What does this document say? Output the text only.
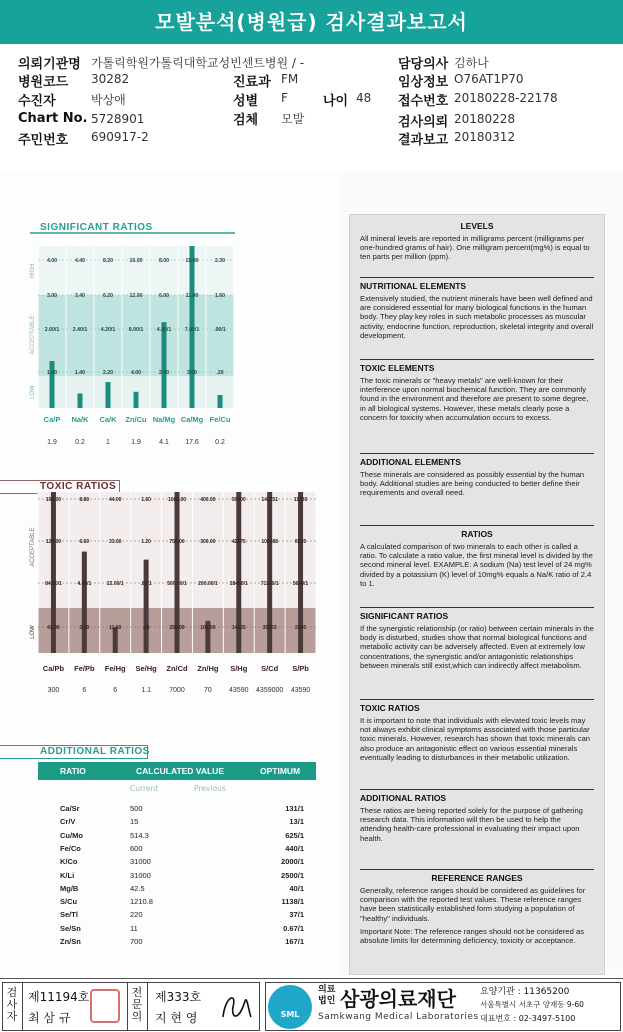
모발분석(병원급) 검사결과보고서
의뢰기관명 가톨릭학원가톨릭대학교성빈센트병원 / -
병원코드 30282
수진자	박상애
Chart No. 5728901
주민번호 690917-2
진료과 FM
성별 F
검체 모발
나이 48
담당의사 김하나
임상정보 O76AT1P70
접수번호 20180228-22178
검사의뢰 20180228
결과보고 20180312
SIGNIFICANT RATIOS
HIGH
ACCEPTABLE
LOW
4.00
3.00
2.60/1
1.60
4.40
3.40
2.40/1
1.40
8.20
6.20
4.20/1
2.20
16.00
12.00
8.00/1
4.00
8.00
6.00
4.00/1
2.00
15.00
11.00
7.00/1
3.00
2.30
1.60
.90/1
.20
Ca/P Na/K Ca/K Zn/Cu Na/Mg Ca/Mg Fe/Cu
1.9	0.2	1	1.9	4.1 17.6 0.2
TOXIC RATIOS
ACCEPTABLE
LOW
168.00
126.00
84.00/1
42.00
8.80
6.60
4.40/1
2.20
44.00
33.00
22.00/1
11.00
1.60
1.20
.80/1
.40
1000.00
750.00
500.00/1
250.00
400.00
300.00
200.00/1
100.00
56900
42675
28450/1
14225
142251
106688
71126/1
35563
11380
8535
5690/1
2845
Ca/Pb Fe/Pb Fe/Hg Se/Hg Zn/Cd Zn/Hg S/Hg S/Cd S/Pb
300	6	6	1.1	7000	70 43590 4359000 43590
ADDITIONAL RATIOS
RATIO	CALCULATED VALUE	OPTIMUM
Current	Previous
Ca/Sr	500	131/1
Cr/V	15	13/1
Cu/Mo	514.3	625/1
Fe/Co	600	440/1
K/Co	31000	2000/1
K/Li	31000	2500/1
Mg/B	42.5	40/1
S/Cu	1210.8	1138/1
Se/Tl	220	37/1
Se/Sn	11	0.67/1
Zn/Sn	700	167/1
LEVELS
All mineral levels are reported in milligrams percent (milligrams per one-hundred grams of hair). One milligram percent(mg%) is equal to ten parts per million (ppm).
NUTRITIONAL ELEMENTS
Extensively studied, the nutrient minerals have been well defined and are considered essential for many biological functions in the human body. They play key roles in such metabolic processes as muscular activity, endocrine function, reproduction, skeletal integrity and overall development.
TOXIC ELEMENTS
The toxic minerals or "heavy metals" are well-known for their interference upon normal biochemical function. They are commonly found in the environment and therefore are present to some degree, in all biological systems. However, these metals clearly pose a concern for toxicity when accumulation occurs to excess.
ADDITIONAL ELEMENTS
These minerals are considered as possibly essential by the human body. Additional studies are being conducted to better define their requirements and overall need.
RATIOS
A calculated comparison of two minerals to each other is called a ratio. To calculate a ratio value, the first mineral level is divided by the second mineral level. EXAMPLE: A sodium (Na) test level of 24 mg% divided by a potassium (K) level of 10mg% equals a Na/K ratio of 2.4 to 1.
SIGNIFICANT RATIOS
If the synergistic relationship (or ratio) between certain minerals in the body is disturbed, studies show that normal biological functions and metabolic activity can be adversely affected. Even at extremely low concentrations, the synergistic and/or antagonistic relationships between minerals still exist,which can indirectly affect metabolism.
TOXIC RATIOS
It is important to note that individuals with elevated toxic levels may not always exhibit clinical symptoms associated with those particular toxic minerals. However, research has shown that toxic minerals can also produce an antagonistic effect on various essential minerals eventually leading to disturbances in their metabolic utilization.
ADDITIONAL RATIOS
These ratios are being reported solely for the purpose of gathering research data. This information will then be used to help the attending health-care professional in evaluating their impact upon health.
REFERENCE RANGES
Generally, reference ranges should be considered as guidelines for comparison with the reported test values. These reference ranges have been statistically established form studying a population of "healthy" individuals.
Important Note: The reference ranges should not be considered as absolute limits for determining deficiency, toxicity or acceptance.
검사자
제11194호
최 삼 규
전문의
제333호
지 현 영	SML
의료법인 삼광의료재단
Samkwang Medical Laboratories
요양기관 : 11365200
서울특별시 서초구 양재동 9-60
대표번호 : 02-3497-5100
